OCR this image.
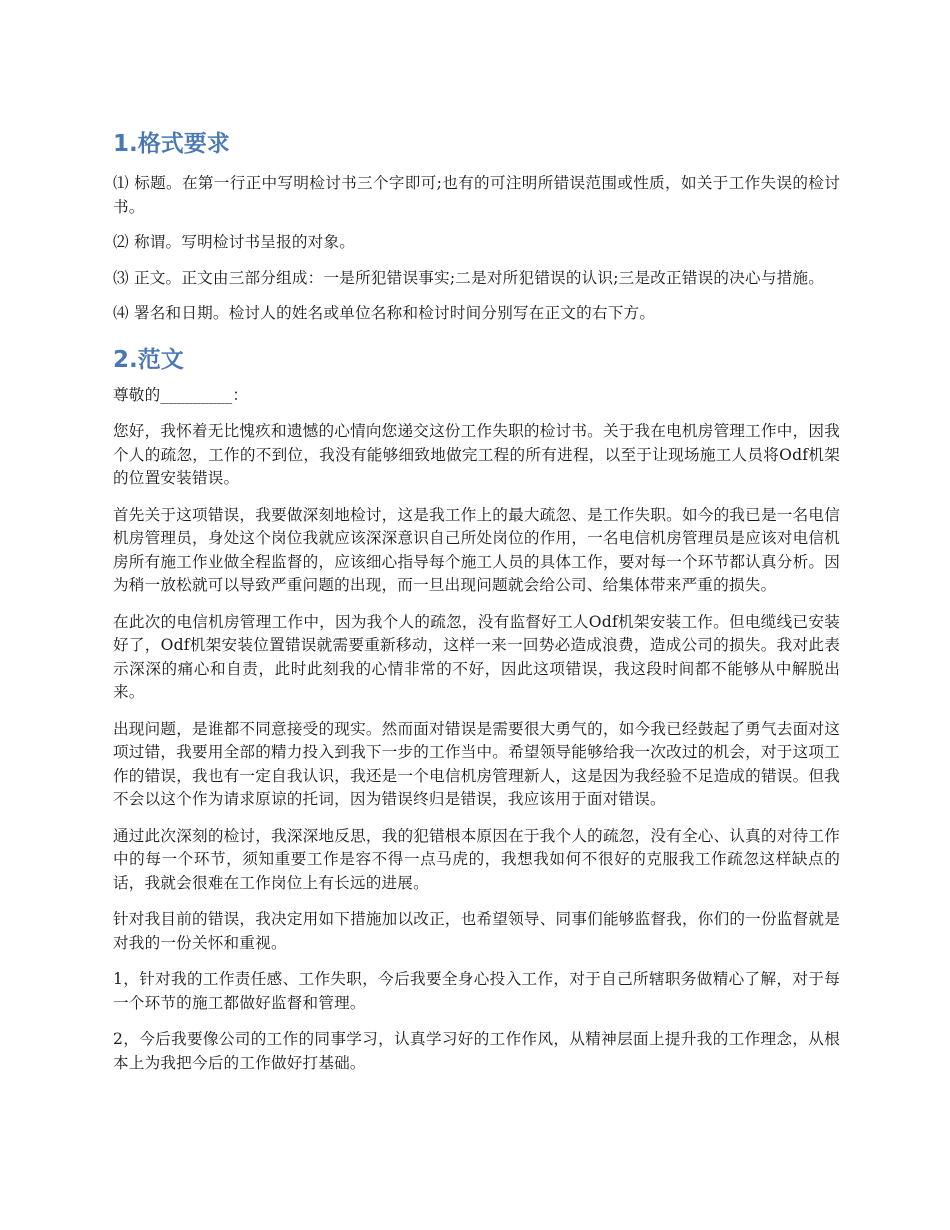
1.格式要求

⑴ 标题。在第一行正中写明检讨书三个字即可;也有的可注明所错误范围或性质，如关于工作失误的检讨书。

⑵ 称谓。写明检讨书呈报的对象。

⑶ 正文。正文由三部分组成：一是所犯错误事实;二是对所犯错误的认识;三是改正错误的决心与措施。

⑷ 署名和日期。检讨人的姓名或单位名称和检讨时间分别写在正文的右下方。

2.范文

尊敬的_________：

您好，我怀着无比愧疚和遗憾的心情向您递交这份工作失职的检讨书。关于我在电机房管理工作中，因我个人的疏忽，工作的不到位，我没有能够细致地做完工程的所有进程，以至于让现场施工人员将Odf机架的位置安装错误。

首先关于这项错误，我要做深刻地检讨，这是我工作上的最大疏忽、是工作失职。如今的我已是一名电信机房管理员，身处这个岗位我就应该深深意识自己所处岗位的作用，一名电信机房管理员是应该对电信机房所有施工作业做全程监督的，应该细心指导每个施工人员的具体工作，要对每一个环节都认真分析。因为稍一放松就可以导致严重问题的出现，而一旦出现问题就会给公司、给集体带来严重的损失。

在此次的电信机房管理工作中，因为我个人的疏忽，没有监督好工人Odf机架安装工作。但电缆线已安装好了，Odf机架安装位置错误就需要重新移动，这样一来一回势必造成浪费，造成公司的损失。我对此表示深深的痛心和自责，此时此刻我的心情非常的不好，因此这项错误，我这段时间都不能够从中解脱出来。

出现问题，是谁都不同意接受的现实。然而面对错误是需要很大勇气的，如今我已经鼓起了勇气去面对这项过错，我要用全部的精力投入到我下一步的工作当中。希望领导能够给我一次改过的机会，对于这项工作的错误，我也有一定自我认识，我还是一个电信机房管理新人，这是因为我经验不足造成的错误。但我不会以这个作为请求原谅的托词，因为错误终归是错误，我应该用于面对错误。

通过此次深刻的检讨，我深深地反思，我的犯错根本原因在于我个人的疏忽，没有全心、认真的对待工作中的每一个环节，须知重要工作是容不得一点马虎的，我想我如何不很好的克服我工作疏忽这样缺点的话，我就会很难在工作岗位上有长远的进展。

针对我目前的错误，我决定用如下措施加以改正，也希望领导、同事们能够监督我，你们的一份监督就是对我的一份关怀和重视。

1，针对我的工作责任感、工作失职，今后我要全身心投入工作，对于自己所辖职务做精心了解，对于每一个环节的施工都做好监督和管理。

2，今后我要像公司的工作的同事学习，认真学习好的工作作风，从精神层面上提升我的工作理念，从根本上为我把今后的工作做好打基础。
